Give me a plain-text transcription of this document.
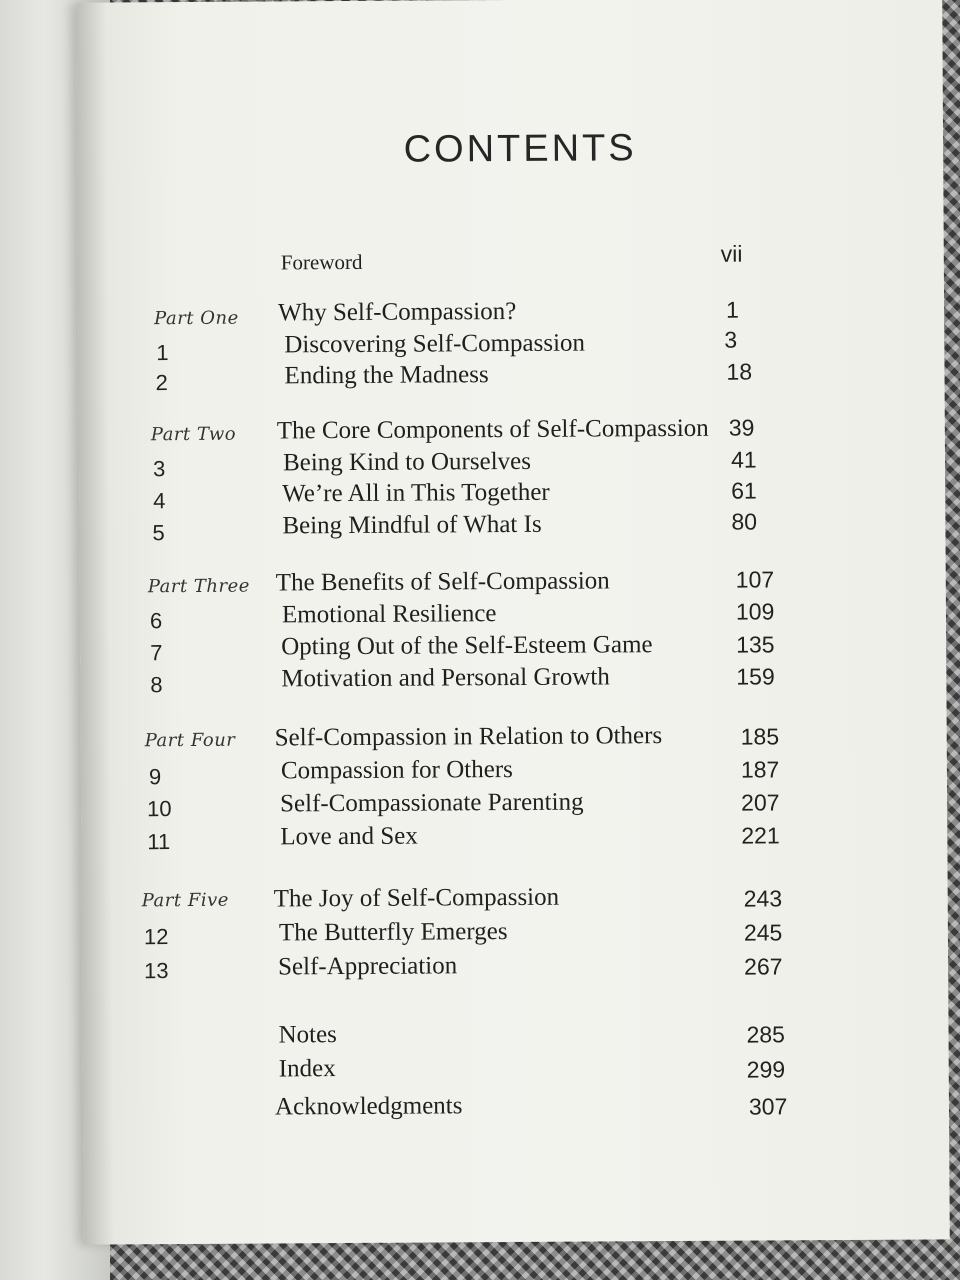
CONTENTS
Foreword	vii
Part One Why Self-Compassion?	1
1	Discovering Self-Compassion	3
2	Ending the Madness	18
Part Two The Core Components of Self-Compassion 39
3	Being Kind to Ourselves	41
4	We’re All in This Together	61
5	Being Mindful of What Is	80
Part Three The Benefits of Self-Compassion	107
6	Emotional Resilience	109
7	Opting Out of the Self-Esteem Game	135
8	Motivation and Personal Growth	159
Part Four Self-Compassion in Relation to Others	185
9	Compassion for Others	187
10	Self-Compassionate Parenting	207
11	Love and Sex	221
Part Five The Joy of Self-Compassion	243
12	The Butterfly Emerges	245
13	Self-Appreciation	267
Notes	285
Index	299
Acknowledgments	307
